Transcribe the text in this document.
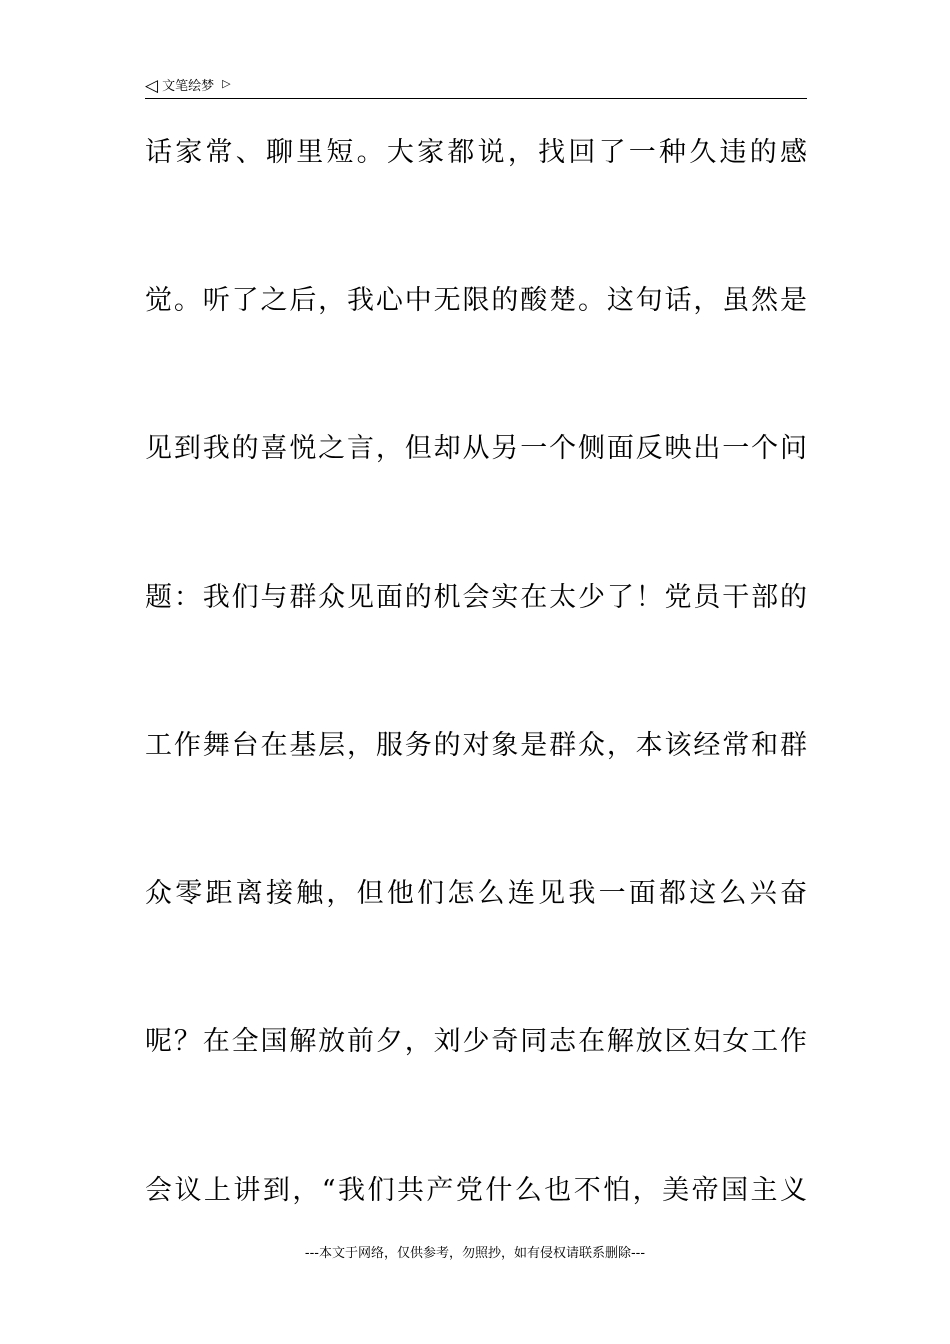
◁ 文笔绘梦 ▷
话家常、聊里短。大家都说，找回了一种久违的感
觉。听了之后，我心中无限的酸楚。这句话，虽然是
见到我的喜悦之言，但却从另一个侧面反映出一个问
题：我们与群众见面的机会实在太少了！党员干部的
工作舞台在基层，服务的对象是群众，本该经常和群
众零距离接触，但他们怎么连见我一面都这么兴奋
呢？在全国解放前夕，刘少奇同志在解放区妇女工作
会议上讲到，“我们共产党什么也不怕，美帝国主义
---本文于网络，仅供参考，勿照抄，如有侵权请联系删除---
